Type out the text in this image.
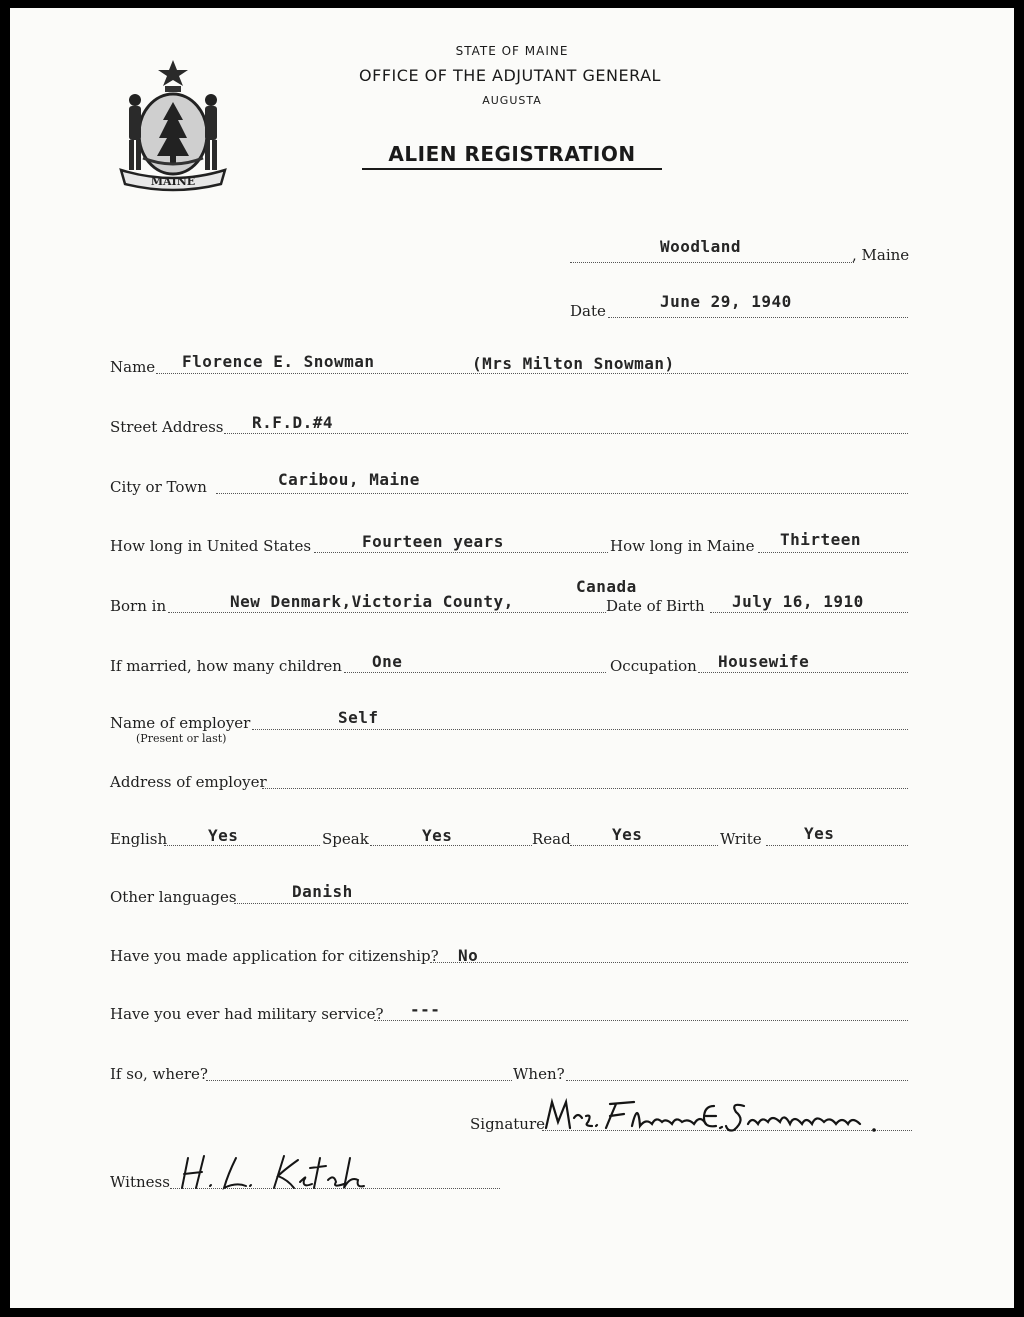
MAINE
STATE OF MAINE
OFFICE OF THE ADJUTANT GENERAL
AUGUSTA
ALIEN REGISTRATION
Woodland	, Maine
Date	June 29, 1940
Name Florence E. Snowman	(Mrs Milton Snowman)
Street Address R.F.D.#4
City or Town	Caribou, Maine
How long in United States	Fourteen years	How long in Maine Thirteen
Born in	New Denmark,Victoria County,
Canada
Date of Birth July 16, 1910
If married, how many children One	Occupation Housewife
Name of employer
(Present or last)
Self
Address of employer
English	Yes	Speak	Yes	Read	Yes	Write	Yes
Other languages	Danish
Have you made application for citizenship? No
Have you ever had military service? ---
If so, where?	When?
Signature
Witness
